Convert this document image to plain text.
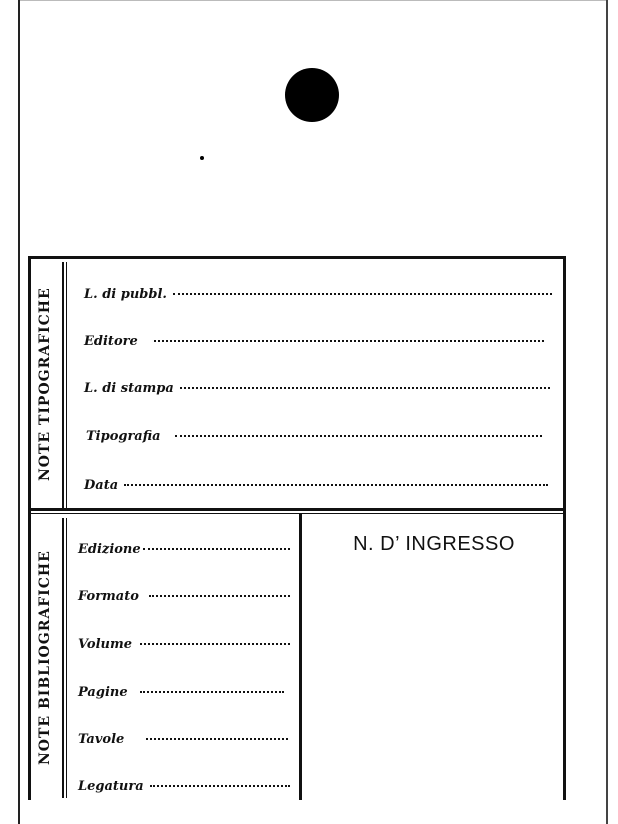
NOTE TIPOGRAFICHE
NOTE BIBLIOGRAFICHE
L. di pubbl.
Editore
L. di stampa
Tipografia
Data
Edizione
Formato
Volume
Pagine
Tavole
Legatura
N. D’ INGRESSO
